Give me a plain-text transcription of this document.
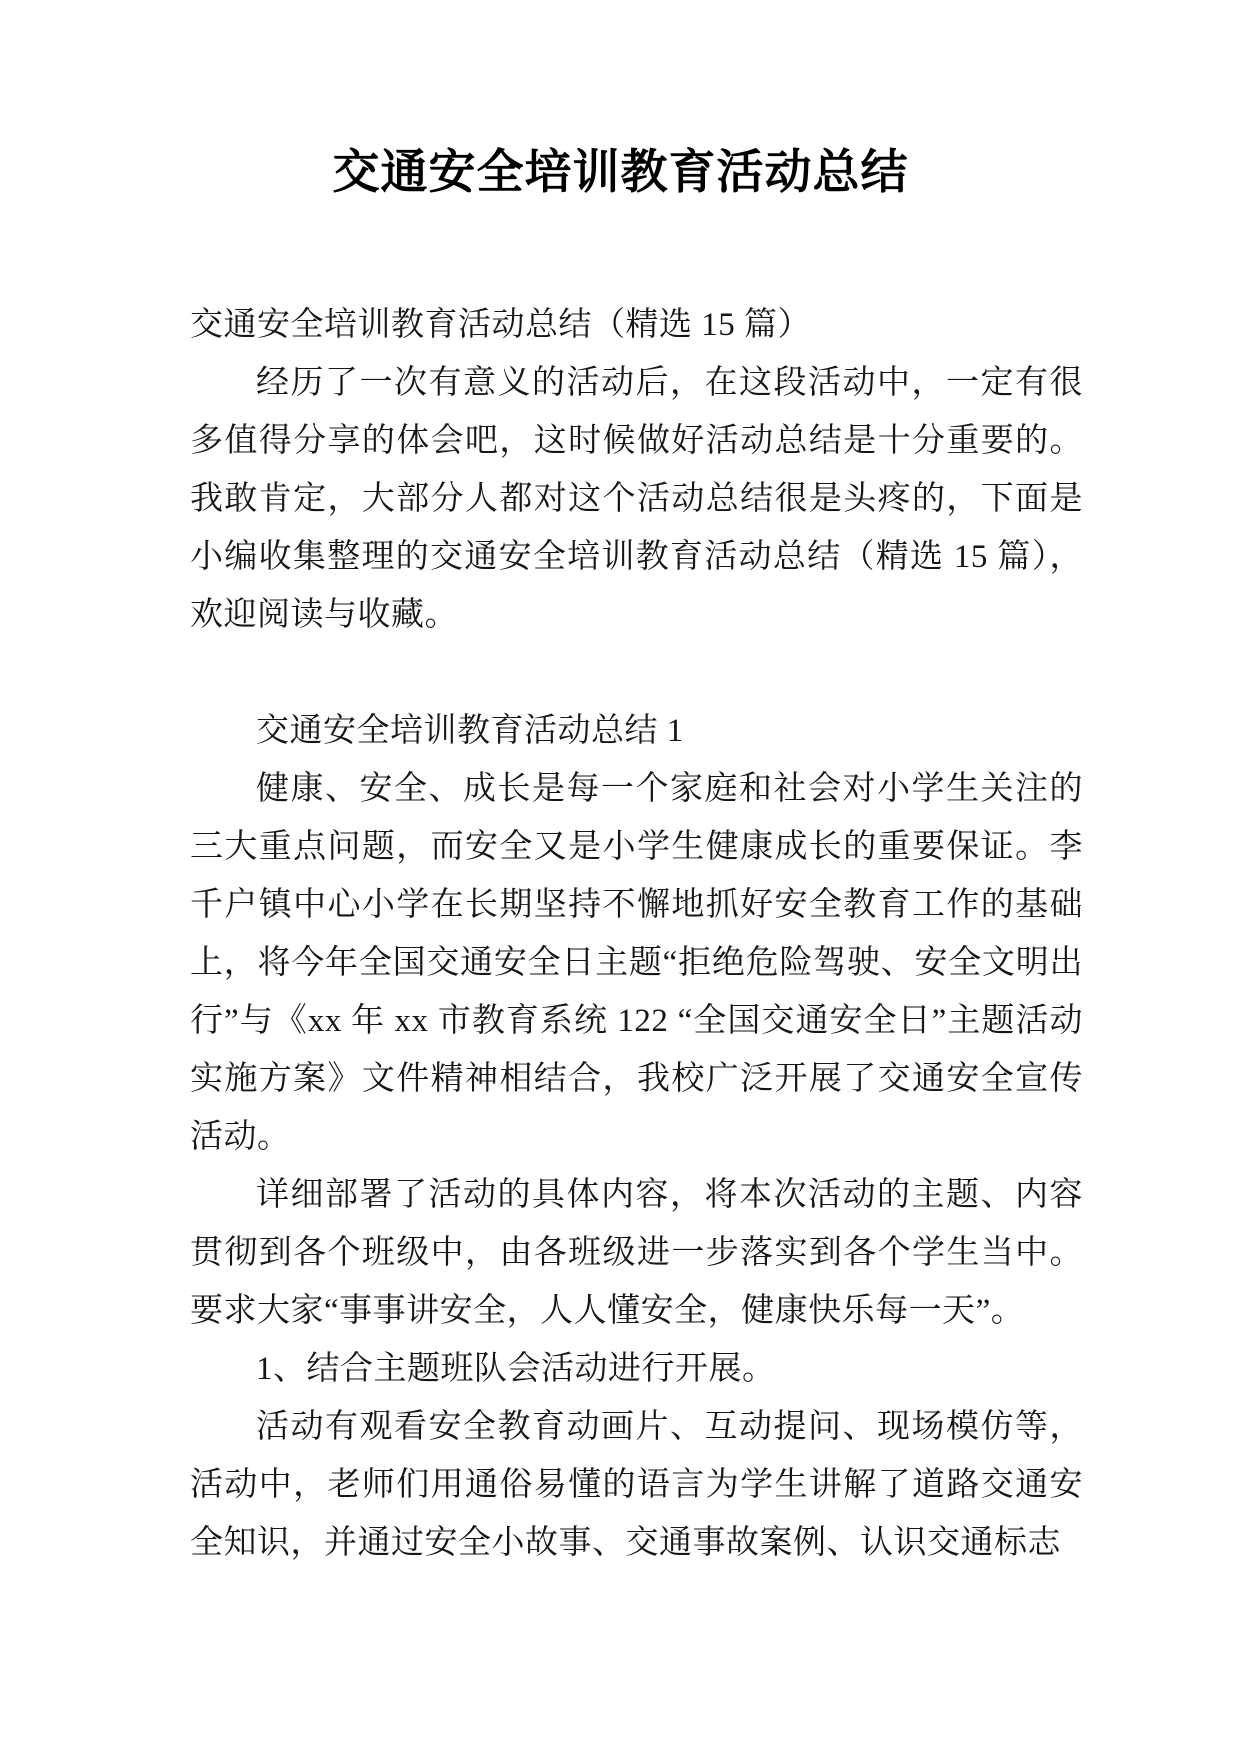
交通安全培训教育活动总结

交通安全培训教育活动总结（精选 15 篇）

经历了一次有意义的活动后，在这段活动中，一定有很多值得分享的体会吧，这时候做好活动总结是十分重要的。我敢肯定，大部分人都对这个活动总结很是头疼的，下面是小编收集整理的交通安全培训教育活动总结（精选 15 篇），欢迎阅读与收藏。

交通安全培训教育活动总结 1

健康、安全、成长是每一个家庭和社会对小学生关注的三大重点问题，而安全又是小学生健康成长的重要保证。李千户镇中心小学在长期坚持不懈地抓好安全教育工作的基础上，将今年全国交通安全日主题“拒绝危险驾驶、安全文明出行”与《xx 年 xx 市教育系统 122 “全国交通安全日”主题活动实施方案》文件精神相结合，我校广泛开展了交通安全宣传活动。

详细部署了活动的具体内容，将本次活动的主题、内容贯彻到各个班级中，由各班级进一步落实到各个学生当中。要求大家“事事讲安全，人人懂安全，健康快乐每一天”。

1、结合主题班队会活动进行开展。

活动有观看安全教育动画片、互动提问、现场模仿等，活动中，老师们用通俗易懂的语言为学生讲解了道路交通安全知识，并通过安全小故事、交通事故案例、认识交通标志
